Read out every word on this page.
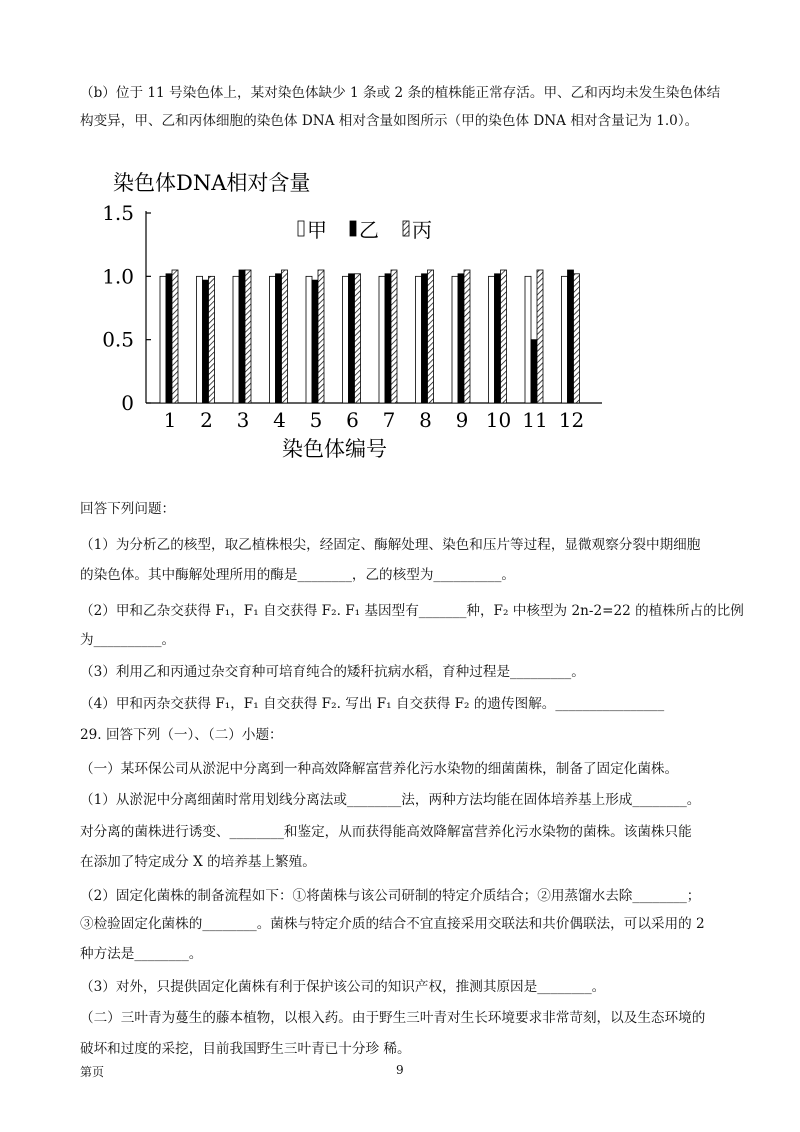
（b）位于 11 号染色体上，某对染色体缺少 1 条或 2 条的植株能正常存活。甲、乙和丙均未发生染色体结
构变异，甲、乙和丙体细胞的染色体 DNA 相对含量如图所示（甲的染色体 DNA 相对含量记为 1.0）。
染色体DNA相对含量
0
0.5
1.0
1.5
甲 乙 丙
1 2 3 4 5 6 7 8 9 10 11 12
染色体编号
回答下列问题：
（1）为分析乙的核型，取乙植株根尖，经固定、酶解处理、染色和压片等过程，显微观察分裂中期细胞
的染色体。其中酶解处理所用的酶是________，乙的核型为__________。
（2）甲和乙杂交获得 F₁，F₁ 自交获得 F₂. F₁ 基因型有_______种，F₂ 中核型为 2n-2=22 的植株所占的比例
为__________。
（3）利用乙和丙通过杂交育种可培育纯合的矮秆抗病水稻，育种过程是_________。
（4）甲和丙杂交获得 F₁，F₁ 自交获得 F₂. 写出 F₁ 自交获得 F₂ 的遗传图解。________________
29. 回答下列（一）、（二）小题：
（一）某环保公司从淤泥中分离到一种高效降解富营养化污水染物的细菌菌株，制备了固定化菌株。
（1）从淤泥中分离细菌时常用划线分离法或________法，两种方法均能在固体培养基上形成________。
对分离的菌株进行诱变、________和鉴定，从而获得能高效降解富营养化污水染物的菌株。该菌株只能
在添加了特定成分 X 的培养基上繁殖。
（2）固定化菌株的制备流程如下：①将菌株与该公司研制的特定介质结合；②用蒸馏水去除________；
③检验固定化菌株的________。菌株与特定介质的结合不宜直接采用交联法和共价偶联法，可以采用的 2
种方法是________。
（3）对外，只提供固定化菌株有利于保护该公司的知识产权，推测其原因是________。
（二）三叶青为蔓生的藤本植物，以根入药。由于野生三叶青对生长环境要求非常苛刻，以及生态环境的
破坏和过度的采挖，目前我国野生三叶青已十分珍 稀。
第页	9
